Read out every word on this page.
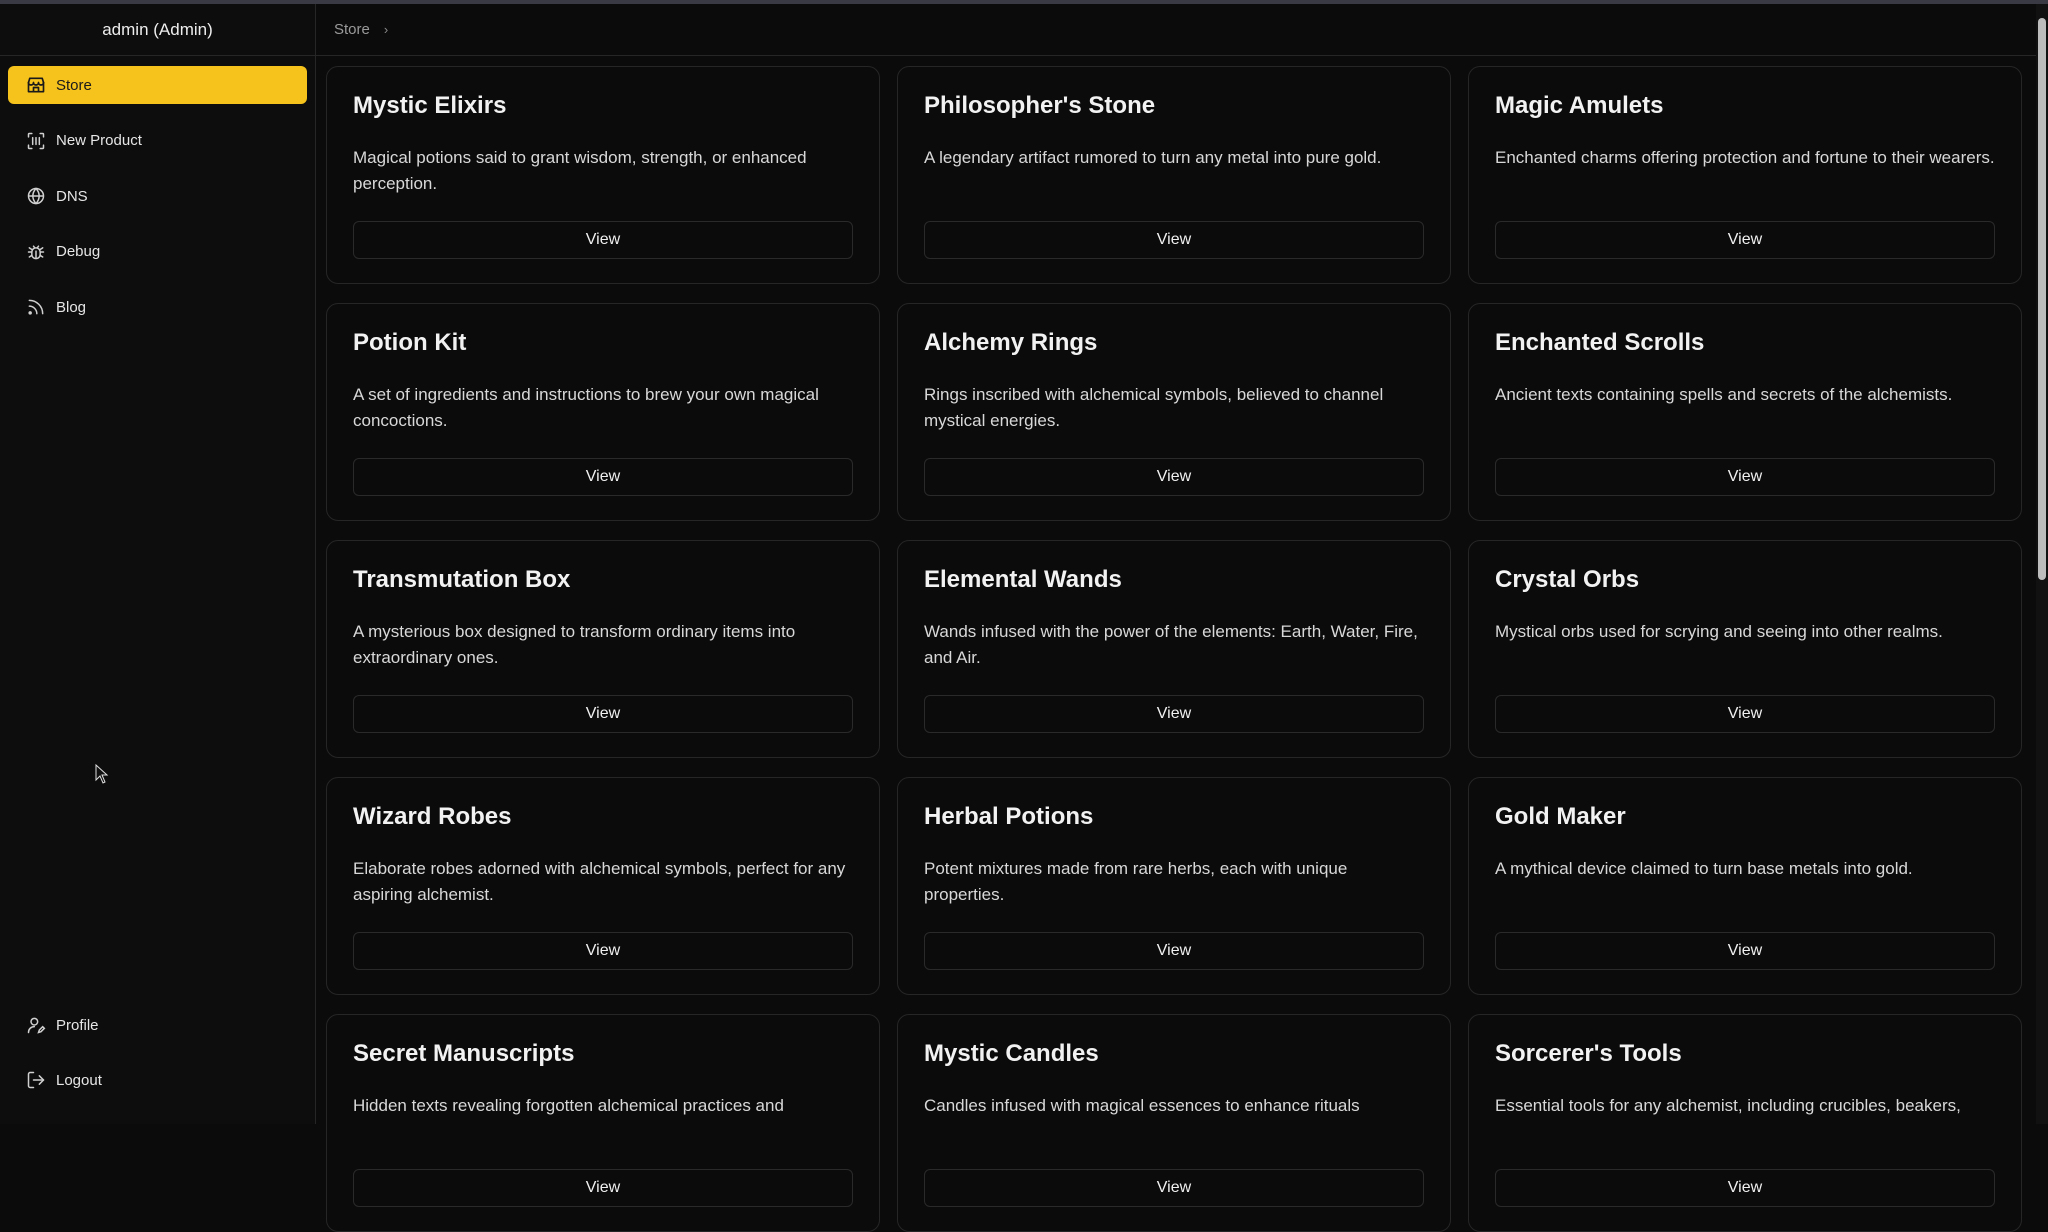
admin (Admin)
Store
New Product
DNS
Debug
Blog
Profile
Logout
Store ›
Mystic Elixirs

Magical potions said to grant wisdom, strength, or enhanced perception.

View
Philosopher's Stone

A legendary artifact rumored to turn any metal into pure gold.

View
Magic Amulets

Enchanted charms offering protection and fortune to their wearers.

View
Potion Kit

A set of ingredients and instructions to brew your own magical concoctions.

View
Alchemy Rings

Rings inscribed with alchemical symbols, believed to channel mystical energies.

View
Enchanted Scrolls

Ancient texts containing spells and secrets of the alchemists.

View
Transmutation Box

A mysterious box designed to transform ordinary items into extraordinary ones.

View
Elemental Wands

Wands infused with the power of the elements: Earth, Water, Fire, and Air.

View
Crystal Orbs

Mystical orbs used for scrying and seeing into other realms.

View
Wizard Robes

Elaborate robes adorned with alchemical symbols, perfect for any aspiring alchemist.

View
Herbal Potions

Potent mixtures made from rare herbs, each with unique properties.

View
Gold Maker

A mythical device claimed to turn base metals into gold.

View
Secret Manuscripts

Hidden texts revealing forgotten alchemical practices and

View
Mystic Candles

Candles infused with magical essences to enhance rituals

View
Sorcerer's Tools

Essential tools for any alchemist, including crucibles, beakers,

View
